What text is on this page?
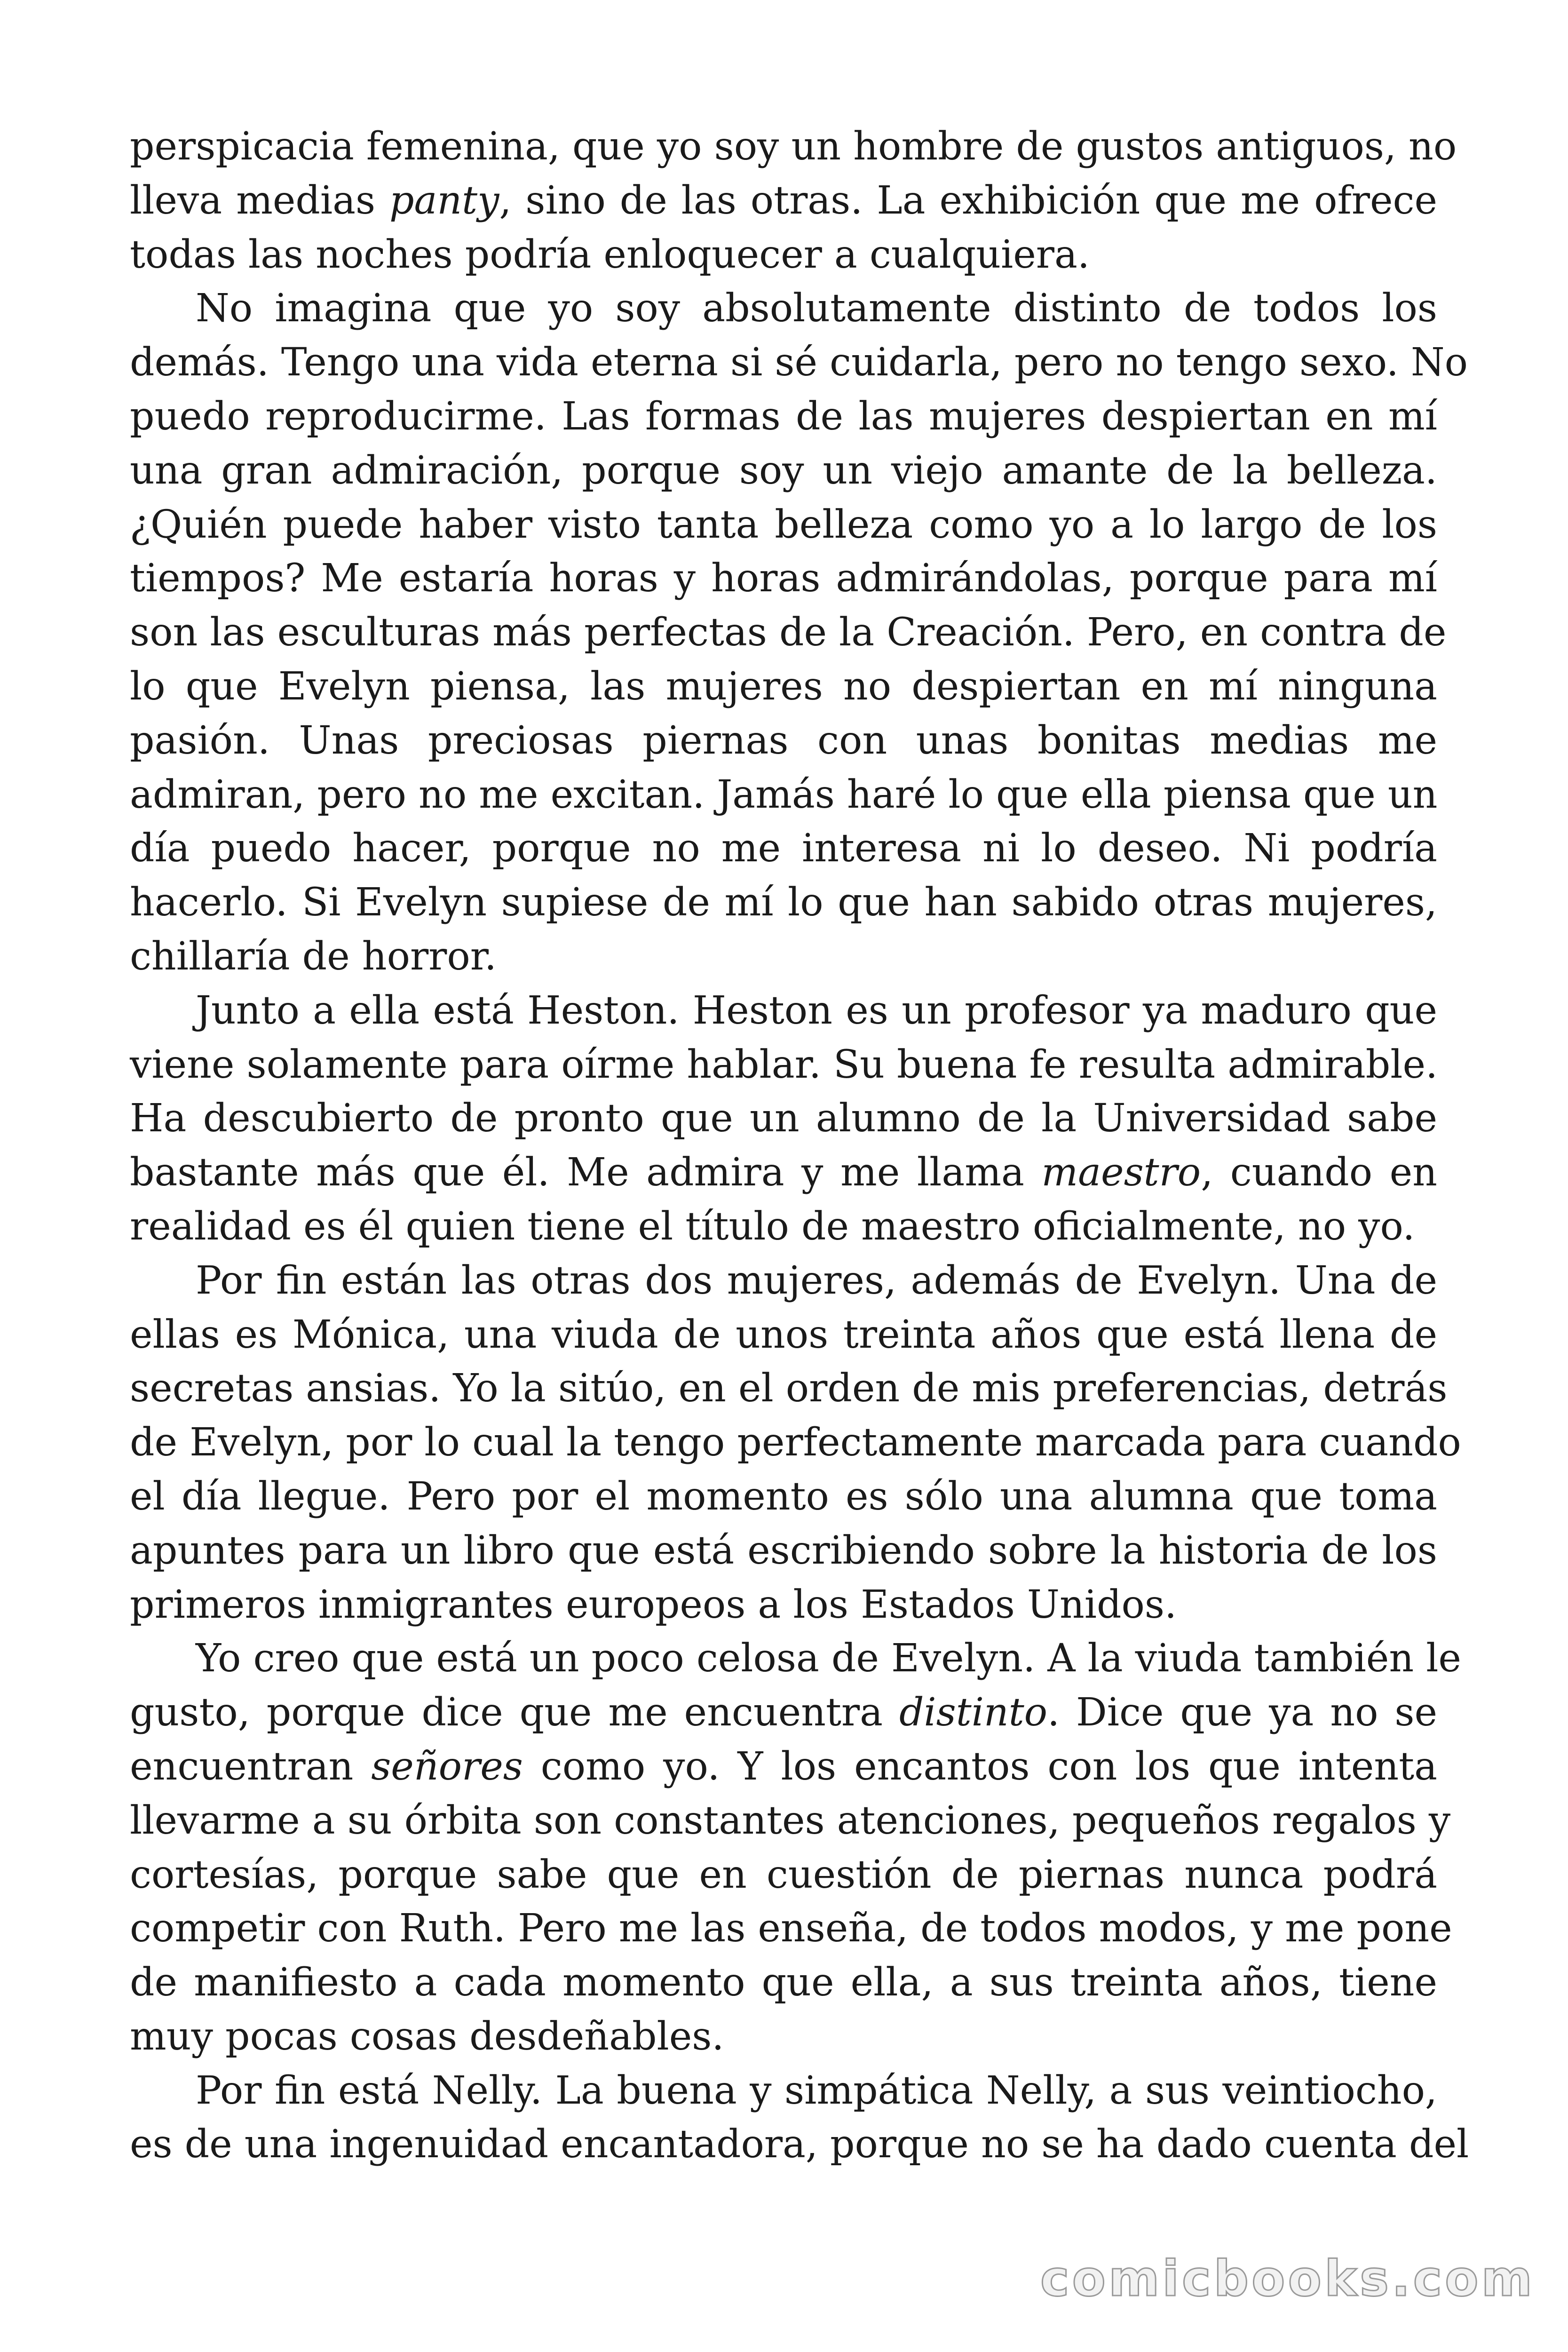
perspicacia femenina, que yo soy un hombre de gustos antiguos, no
lleva medias panty, sino de las otras. La exhibición que me ofrece
todas las noches podría enloquecer a cualquiera.

No imagina que yo soy absolutamente distinto de todos los
demás. Tengo una vida eterna si sé cuidarla, pero no tengo sexo. No
puedo reproducirme. Las formas de las mujeres despiertan en mí
una gran admiración, porque soy un viejo amante de la belleza.
¿Quién puede haber visto tanta belleza como yo a lo largo de los
tiempos? Me estaría horas y horas admirándolas, porque para mí
son las esculturas más perfectas de la Creación. Pero, en contra de
lo que Evelyn piensa, las mujeres no despiertan en mí ninguna
pasión. Unas preciosas piernas con unas bonitas medias me
admiran, pero no me excitan. Jamás haré lo que ella piensa que un
día puedo hacer, porque no me interesa ni lo deseo. Ni podría
hacerlo. Si Evelyn supiese de mí lo que han sabido otras mujeres,
chillaría de horror.

Junto a ella está Heston. Heston es un profesor ya maduro que
viene solamente para oírme hablar. Su buena fe resulta admirable.
Ha descubierto de pronto que un alumno de la Universidad sabe
bastante más que él. Me admira y me llama maestro, cuando en
realidad es él quien tiene el título de maestro oficialmente, no yo.

Por fin están las otras dos mujeres, además de Evelyn. Una de
ellas es Mónica, una viuda de unos treinta años que está llena de
secretas ansias. Yo la sitúo, en el orden de mis preferencias, detrás
de Evelyn, por lo cual la tengo perfectamente marcada para cuando
el día llegue. Pero por el momento es sólo una alumna que toma
apuntes para un libro que está escribiendo sobre la historia de los
primeros inmigrantes europeos a los Estados Unidos.

Yo creo que está un poco celosa de Evelyn. A la viuda también le
gusto, porque dice que me encuentra distinto. Dice que ya no se
encuentran señores como yo. Y los encantos con los que intenta
llevarme a su órbita son constantes atenciones, pequeños regalos y
cortesías, porque sabe que en cuestión de piernas nunca podrá
competir con Ruth. Pero me las enseña, de todos modos, y me pone
de manifiesto a cada momento que ella, a sus treinta años, tiene
muy pocas cosas desdeñables.

Por fin está Nelly. La buena y simpática Nelly, a sus veintiocho,
es de una ingenuidad encantadora, porque no se ha dado cuenta del

comicbooks.com
